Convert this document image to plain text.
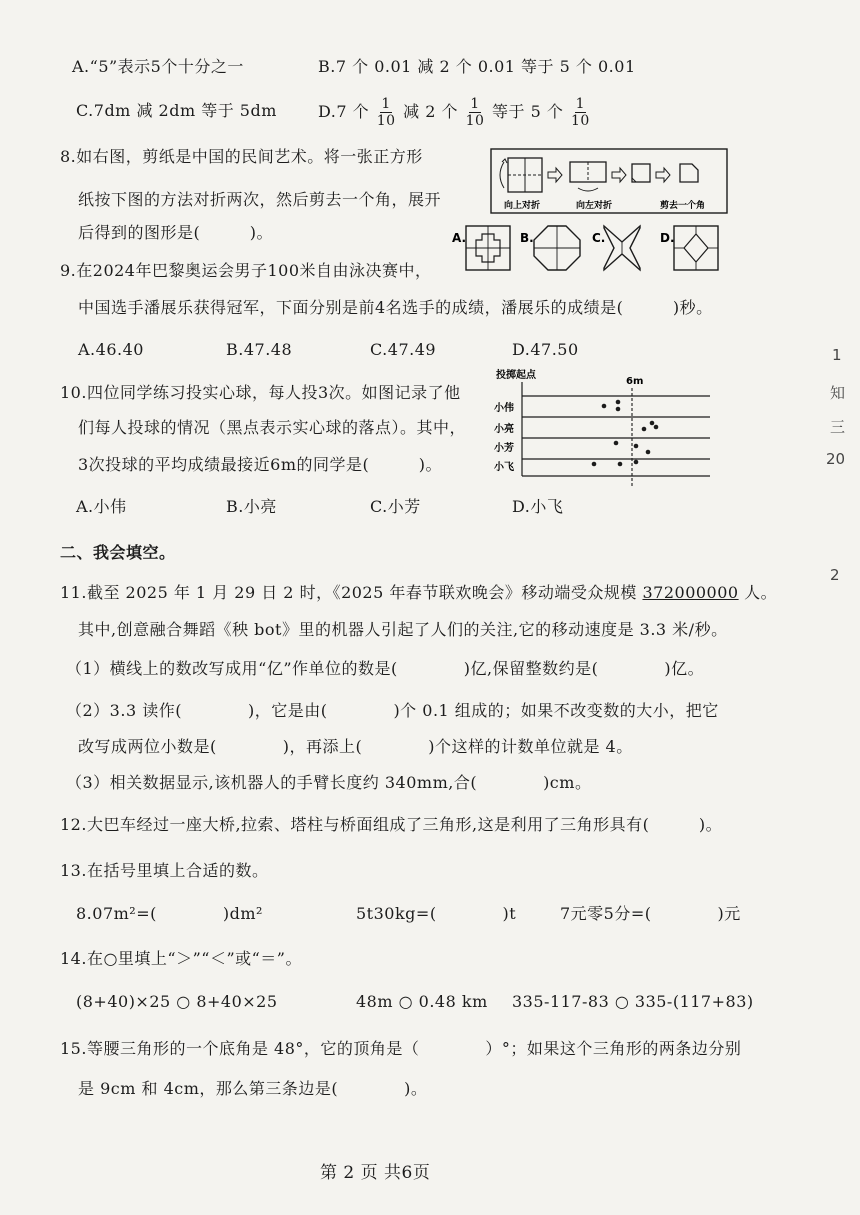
A.“5”表示5个十分之一	B.7 个 0.01 减 2 个 0.01 等于 5 个 0.01
C.7dm 减 2dm 等于 5dm	D.7 个 $\frac{1}{10}$ 减 2 个 $\frac{1}{10}$ 等于 5 个 $\frac{1}{10}$
8.如右图，剪纸是中国的民间艺术。将一张正方形
纸按下图的方法对折两次，然后剪去一个角，展开
后得到的图形是(　　　)。
向上对折	向左对折	剪去一个角
A.	B.	C.	D.
9.在2024年巴黎奥运会男子100米自由泳决赛中，
中国选手潘展乐获得冠军，下面分别是前4名选手的成绩，潘展乐的成绩是(　　　)秒。
A.46.40	B.47.48	C.47.49	D.47.50
10.四位同学练习投实心球，每人投3次。如图记录了他
们每人投球的情况（黑点表示实心球的落点）。其中，
3次投球的平均成绩最接近6m的同学是(　　　)。
A.小伟	B.小亮	C.小芳	D.小飞
投掷起点
6m
小伟
小亮
小芳
小飞
二、我会填空。
11.截至 2025 年 1 月 29 日 2 时，《2025 年春节联欢晚会》移动端受众规模 372000000 人。
其中,创意融合舞蹈《秧 bot》里的机器人引起了人们的关注,它的移动速度是 3.3 米/秒。
（1）横线上的数改写成用“亿”作单位的数是(　　　　)亿,保留整数约是(　　　　)亿。
（2）3.3 读作(　　　　)，它是由(　　　　)个 0.1 组成的；如果不改变数的大小，把它
改写成两位小数是(　　　　)，再添上(　　　　)个这样的计数单位就是 4。
（3）相关数据显示,该机器人的手臂长度约 340mm,合(　　　　)cm。
12.大巴车经过一座大桥,拉索、塔柱与桥面组成了三角形,这是利用了三角形具有(　　　)。
13.在括号里填上合适的数。
8.07m²=(　　　　)dm²	5t30kg=(　　　　)t	7元零5分=(　　　　)元
14.在○里填上“＞”“＜”或“＝”。
(8+40)×25 ○ 8+40×25	48m ○ 0.48 km 335-117-83 ○ 335-(117+83)
15.等腰三角形的一个底角是 48°，它的顶角是（　　　　）°；如果这个三角形的两条边分别
是 9cm 和 4cm，那么第三条边是(　　　　)。
第 2 页 共6页
1
知
三
20
2
